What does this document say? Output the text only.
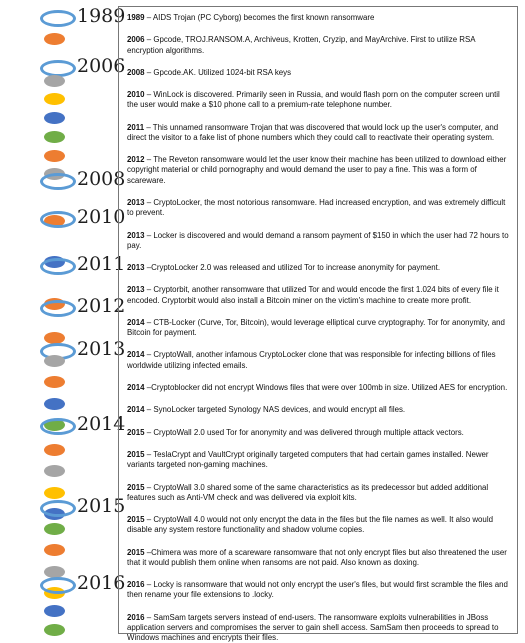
1989
2006
2008
2010
2011
2012
2013
2014
2015
2016

1989 – AIDS Trojan (PC Cyborg) becomes the first known ransomware

2006 – Gpcode, TROJ.RANSOM.A, Archiveus, Krotten, Cryzip, and MayArchive. First to utilize RSA encryption algorithms.

2008 – Gpcode.AK. Utilized 1024-bit RSA keys

2010 – WinLock is discovered. Primarily seen in Russia, and would flash porn on the computer screen until the user would make a $10 phone call to a premium-rate telephone number.

2011 – This unnamed ransomware Trojan that was discovered that would lock up the user's computer, and direct the visitor to a fake list of phone numbers which they could call to reactivate their operating system.

2012 – The Reveton ransomware would let the user know their machine has been utilized to download either copyright material or child pornography and would demand the user to pay a fine. This was a form of scareware.

2013 – CryptoLocker, the most notorious ransomware. Had increased encryption, and was extremely difficult to prevent.

2013 – Locker is discovered and would demand a ransom payment of $150 in which the user had 72 hours to pay.

2013 –CryptoLocker 2.0 was released and utilized Tor to increase anonymity for payment.

2013 – Cryptorbit, another ransomware that utilized Tor and would encode the first 1.024 bits of every file it encoded. Cryptorbit would also install a Bitcoin miner on the victim's machine to create more profit.

2014 – CTB-Locker (Curve, Tor, Bitcoin), would leverage elliptical curve cryptography. Tor for anonymity, and Bitcoin for payment.

2014 – CryptoWall, another infamous CryptoLocker clone that was responsible for infecting billions of files worldwide utilizing infected emails.

2014 –Cryptoblocker did not encrypt Windows files that were over 100mb in size. Utilized AES for encryption.

2014 – SynoLocker targeted Synology NAS devices, and would encrypt all files.

2015 – CryptoWall 2.0 used Tor for anonymity and was delivered through multiple attack vectors.

2015 – TeslaCrypt and VaultCrypt originally targeted computers that had certain games installed. Newer variants targeted non-gaming machines.

2015 – CryptoWall 3.0 shared some of the same characteristics as its predecessor but added additional features such as Anti-VM check and was delivered via exploit kits.

2015 – CryptoWall 4.0 would not only encrypt the data in the files but the file names as well. It also would disable any system restore functionality and shadow volume copies.

2015 –Chimera was more of a scareware ransomware that not only encrypt files but also threatened the user that it would publish them online when ransoms are not paid. Also known as doxing.

2016 – Locky is ransomware that would not only encrypt the user's files, but would first scramble the files and then rename your file extensions to .locky.

2016 – SamSam targets servers instead of end-users. The ransomware exploits vulnerabilities in JBoss application servers and compromises the server to gain shell access. SamSam then proceeds to spread to Windows machines and encrypts their files.
